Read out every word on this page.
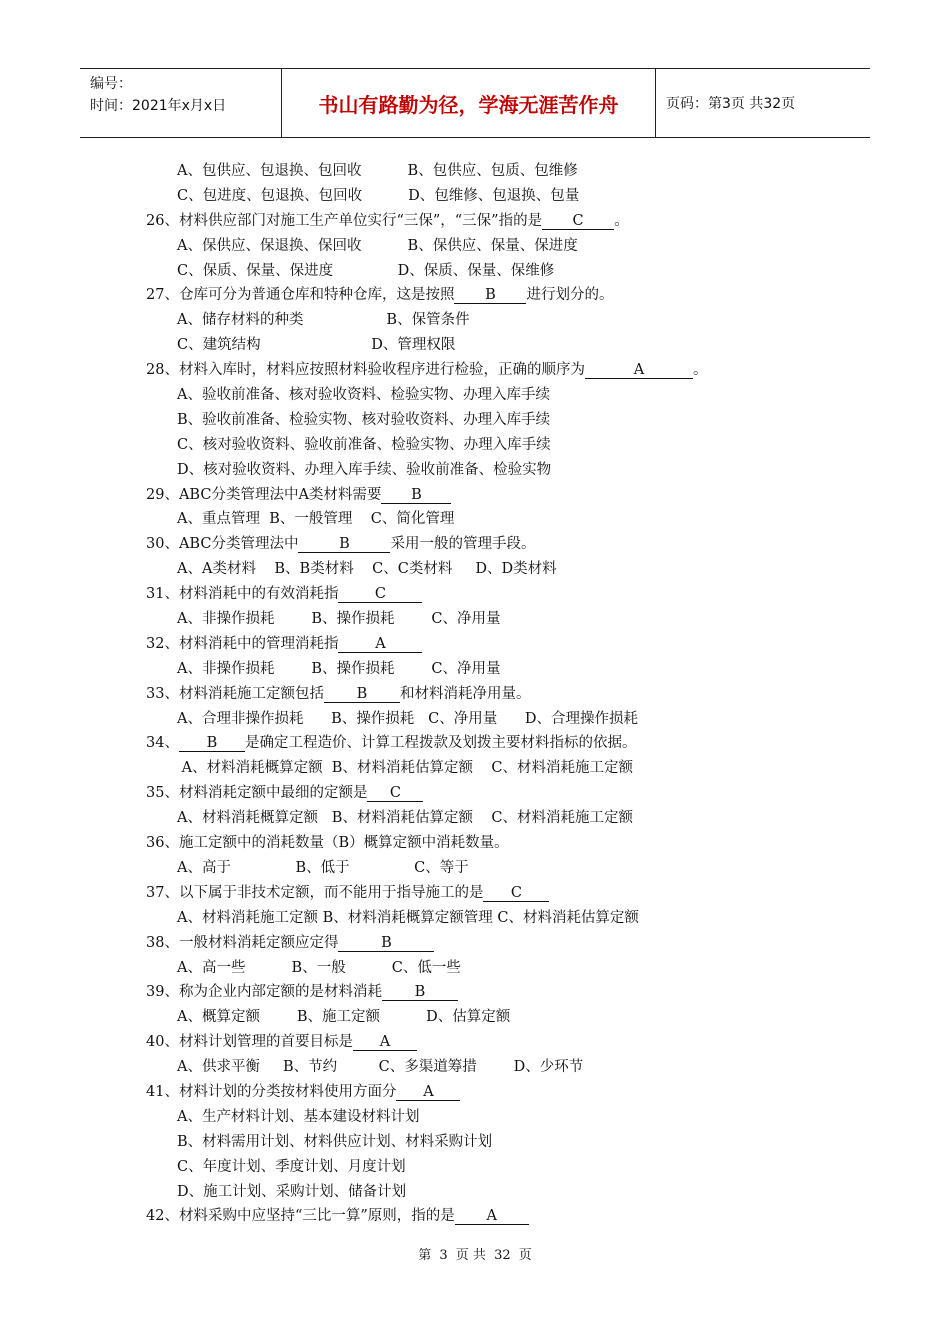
编号：
时间：2021年x月x日	书山有路勤为径，学海无涯苦作舟	页码：第3页 共32页
A、包供应、包退换、包回收          B、包供应、包质、包维修
C、包进度、包退换、包回收          D、包维修、包退换、包量
26、材料供应部门对施工生产单位实行“三保”，“三保”指的是 C 。
A、保供应、保退换、保回收          B、保供应、保量、保进度
C、保质、保量、保进度              D、保质、保量、保维修
27、仓库可分为普通仓库和特种仓库，这是按照 B 进行划分的。
A、储存材料的种类                  B、保管条件
C、建筑结构                        D、管理权限
28、材料入库时，材料应按照材料验收程序进行检验，正确的顺序为	A	。
A、验收前准备、核对验收资料、检验实物、办理入库手续
B、验收前准备、检验实物、核对验收资料、办理入库手续
C、核对验收资料、验收前准备、检验实物、办理入库手续
D、核对验收资料、办理入库手续、验收前准备、检验实物
29、ABC分类管理法中A类材料需要 B
A、重点管理  B、一般管理    C、简化管理
30、ABC分类管理法中	B	采用一般的管理手段。
A、A类材料    B、B类材料    C、C类材料     D、D类材料
31、材料消耗中的有效消耗指	C
A、非操作损耗        B、操作损耗        C、净用量
32、材料消耗中的管理消耗指	A
A、非操作损耗        B、操作损耗        C、净用量
33、材料消耗施工定额包括 B 和材料消耗净用量。
A、合理非操作损耗      B、操作损耗   C、净用量      D、合理操作损耗
34、 B 是确定工程造价、计算工程拨款及划拨主要材料指标的依据。
A、材料消耗概算定额  B、材料消耗估算定额    C、材料消耗施工定额
35、材料消耗定额中最细的定额是 C
A、材料消耗概算定额   B、材料消耗估算定额    C、材料消耗施工定额
36、施工定额中的消耗数量（B）概算定额中消耗数量。
A、高于              B、低于              C、等于
37、以下属于非技术定额，而不能用于指导施工的是 C
A、材料消耗施工定额 B、材料消耗概算定额管理 C、材料消耗估算定额
38、一般材料消耗定额应定得	B
A、高一些          B、一般          C、低一些
39、称为企业内部定额的是材料消耗 B
A、概算定额        B、施工定额          D、估算定额
40、材料计划管理的首要目标是 A
A、供求平衡     B、节约         C、多渠道筹措        D、少环节
41、材料计划的分类按材料使用方面分 A
A、生产材料计划、基本建设材料计划
B、材料需用计划、材料供应计划、材料采购计划
C、年度计划、季度计划、月度计划
D、施工计划、采购计划、储备计划
42、材料采购中应坚持“三比一算”原则，指的是 A
第 3 页 共 32 页
